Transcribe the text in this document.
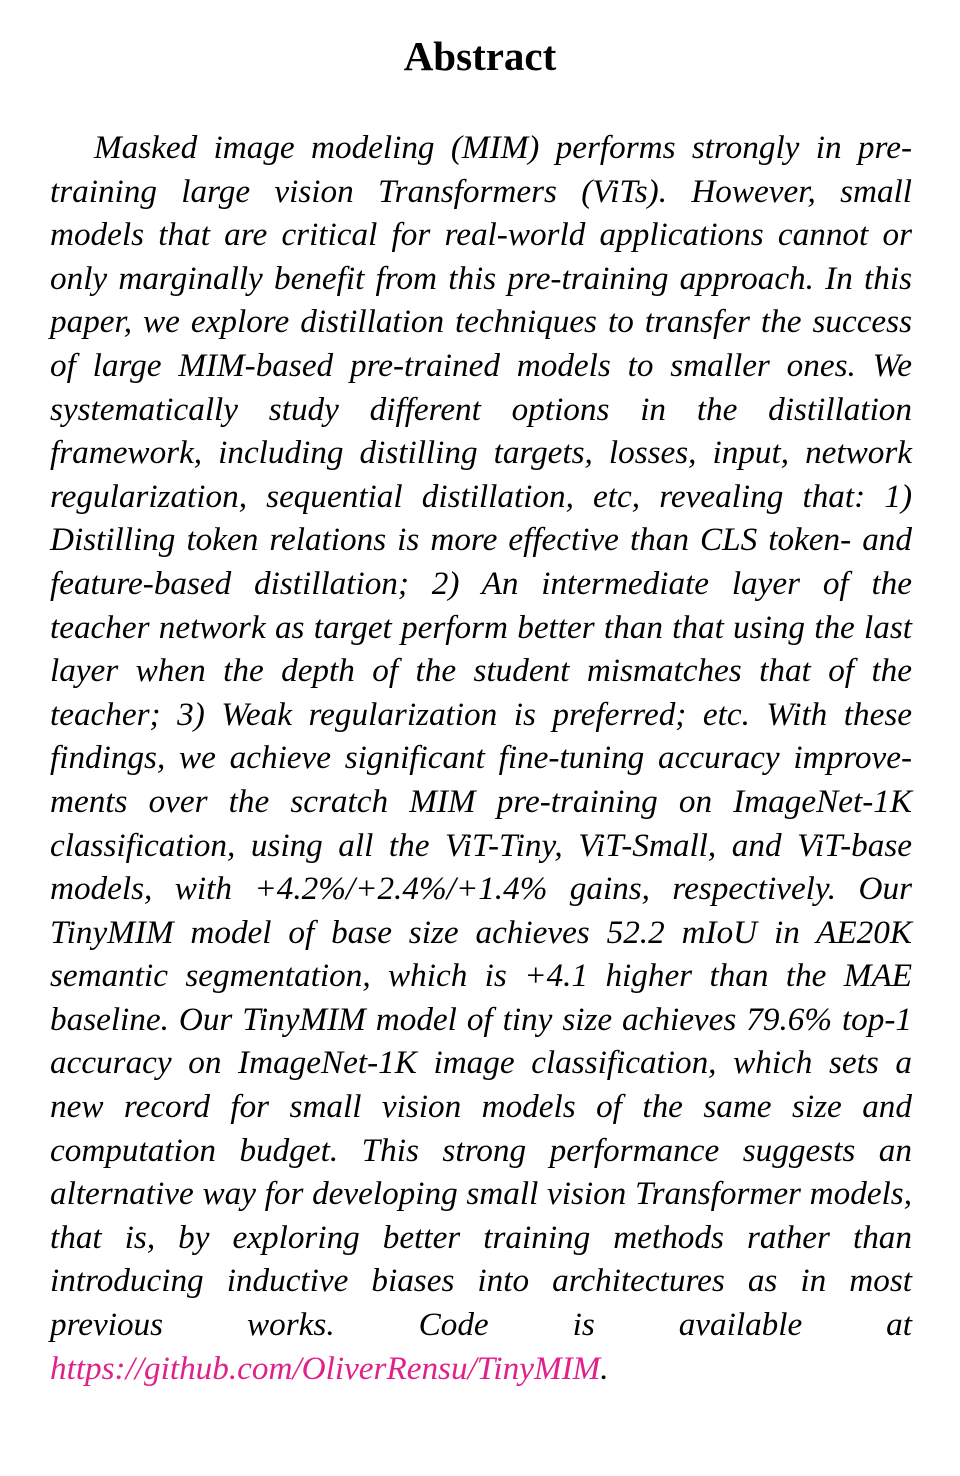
Abstract

Masked image modeling (MIM) performs strongly in pretraining large vision Transformers (ViTs). However, small models that are critical for real-world applications cannot or only marginally benefit from this pre-training approach. In this paper, we explore distillation techniques to transfer the success of large MIM-based pre-trained models to smaller ones. We systematically study different options in the distillation framework, including distilling targets, losses, input, network regularization, sequential distillation, etc, revealing that: 1) Distilling token relations is more effective than CLS token- and feature-based distillation; 2) An intermediate layer of the teacher network as target perform better than that using the last layer when the depth of the student mismatches that of the teacher; 3) Weak regularization is preferred; etc. With these findings, we achieve significant fine-tuning accuracy improvements over the scratch MIM pre-training on ImageNet-1K classification, using all the ViT-Tiny, ViT-Small, and ViT-base models, with +4.2%/+2.4%/+1.4% gains, respectively. Our TinyMIM model of base size achieves 52.2 mIoU in AE20K semantic segmentation, which is +4.1 higher than the MAE baseline. Our TinyMIM model of tiny size achieves 79.6% top-1 accuracy on ImageNet-1K image classification, which sets a new record for small vision models of the same size and computation budget. This strong performance suggests an alternative way for developing small vision Transformer models, that is, by exploring better training methods rather than introducing inductive biases into architectures as in most previous works. Code is available at https://github.com/OliverRensu/TinyMIM.
